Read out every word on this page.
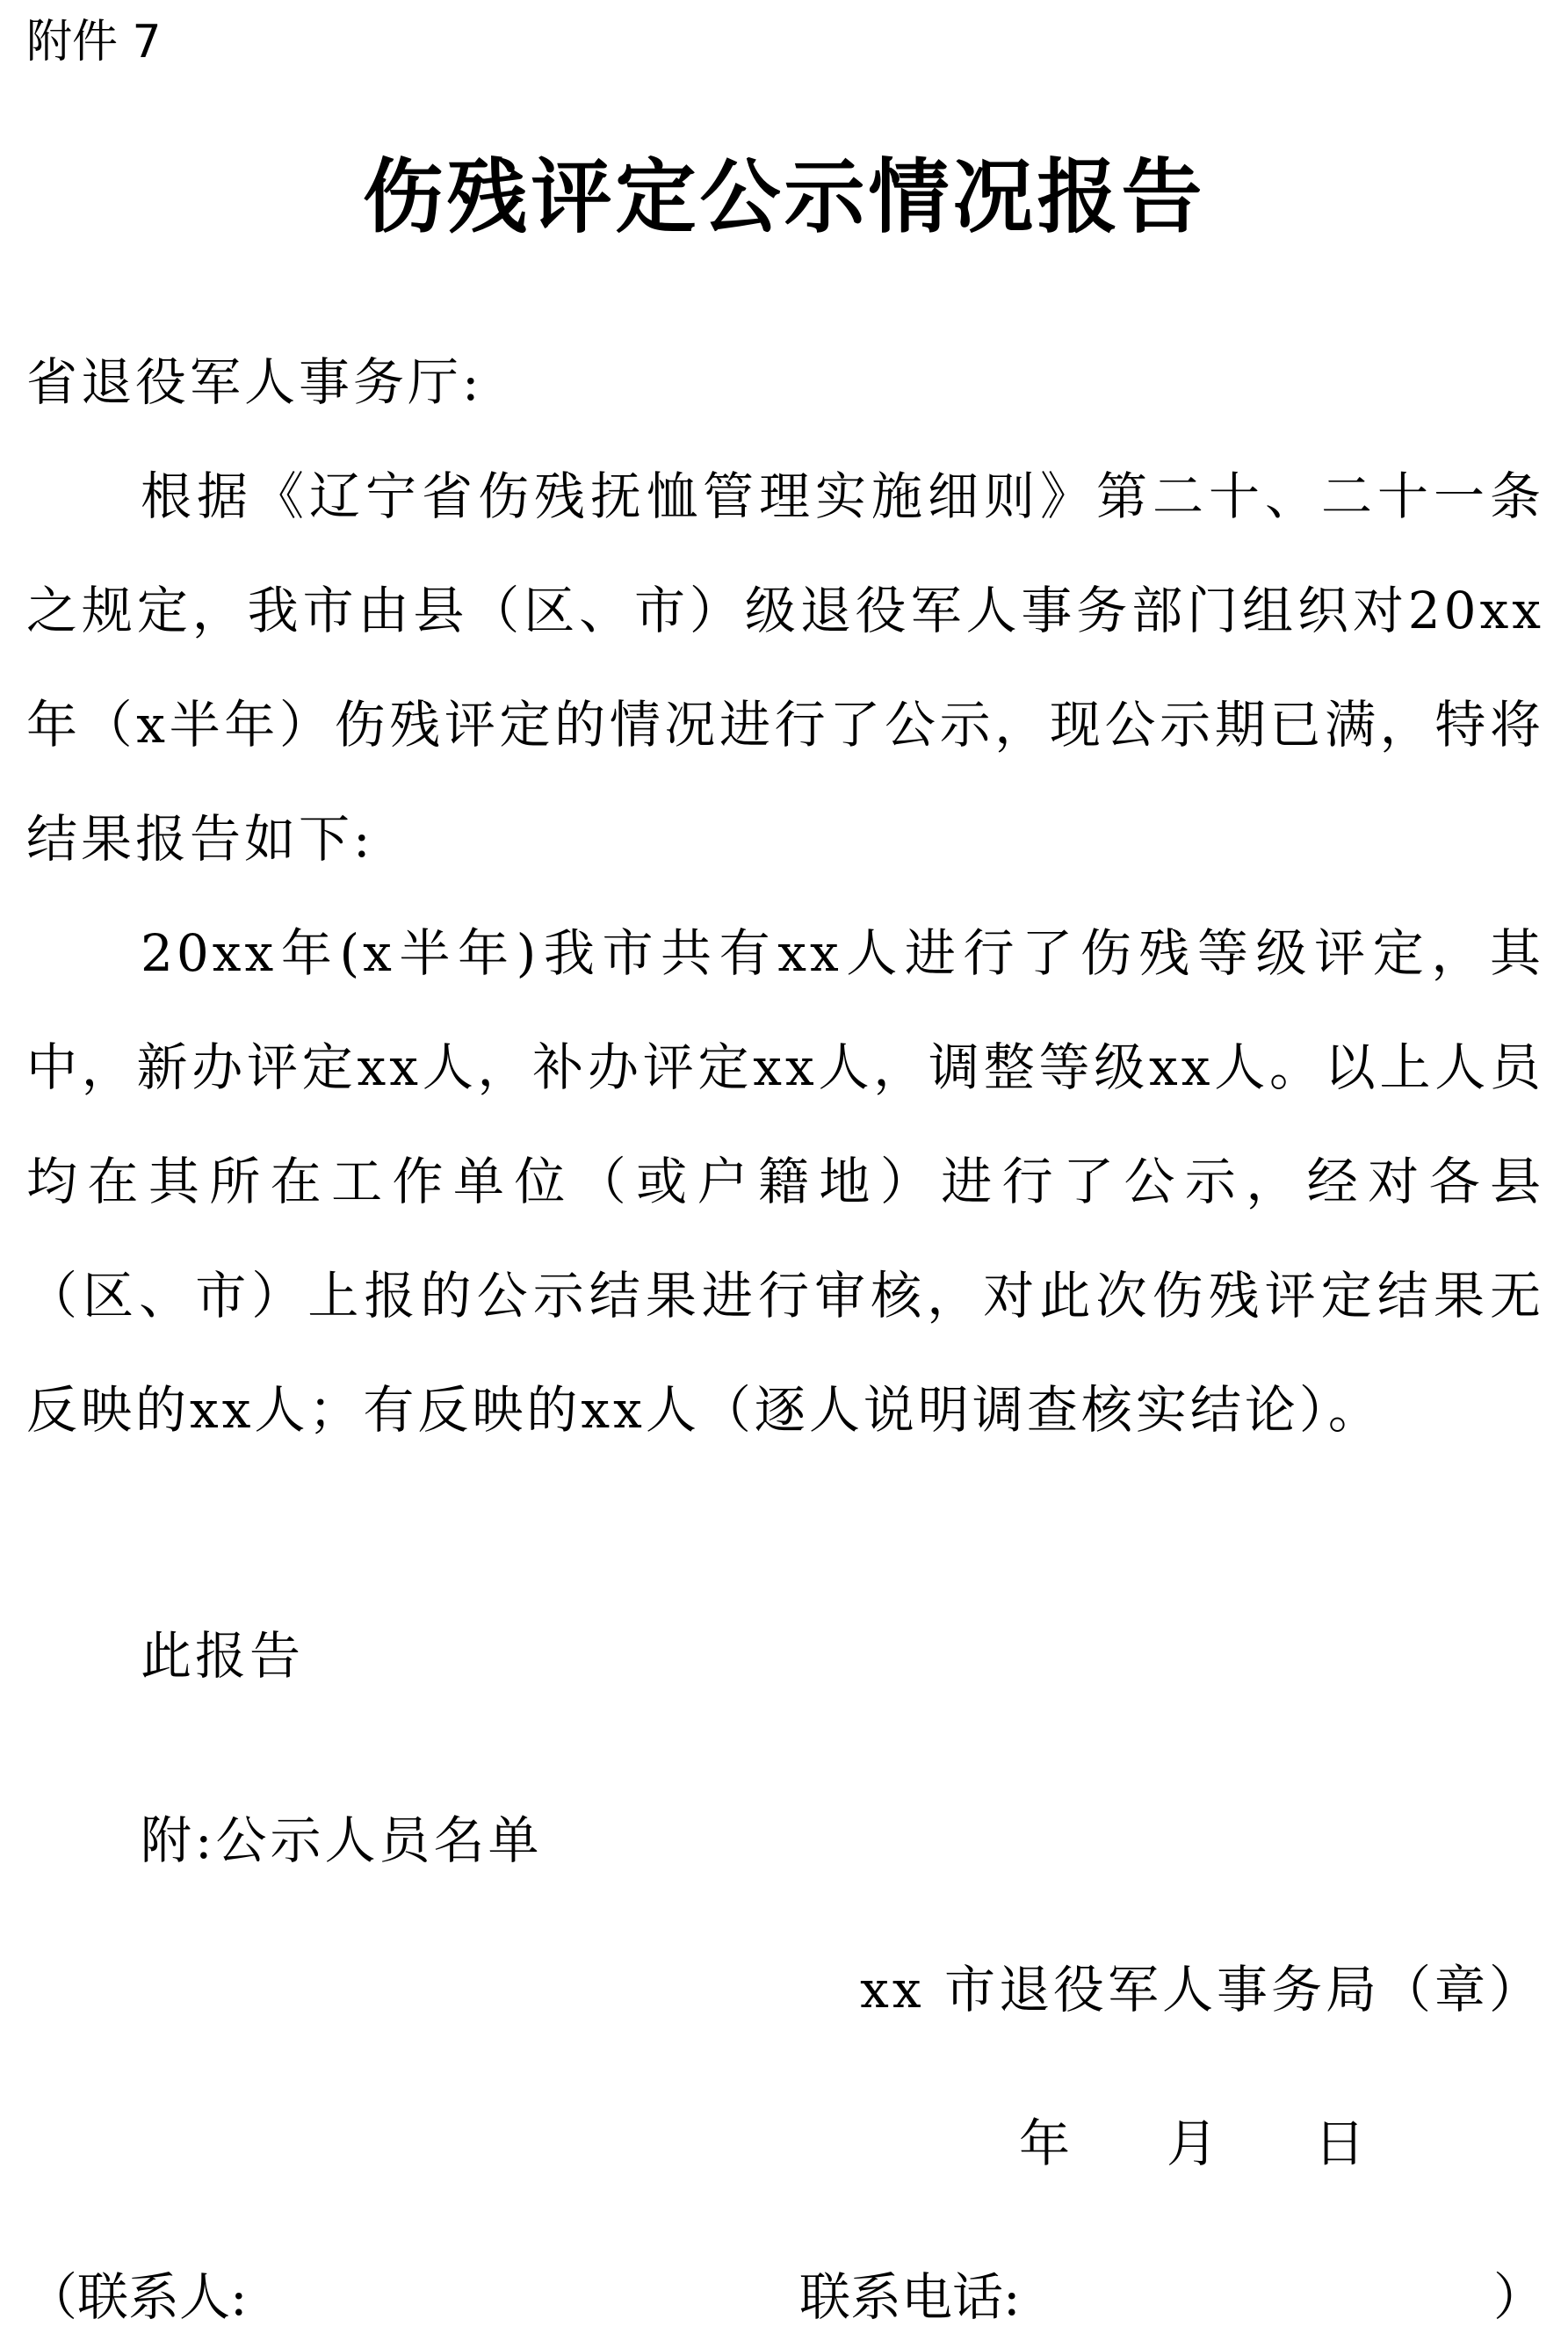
附件 7
伤残评定公示情况报告
省退役军人事务厅:
根据《辽宁省伤残抚恤管理实施细则》第二十、二十一条之规定，我市由县（区、市）级退役军人事务部门组织对20xx年（x半年）伤残评定的情况进行了公示，现公示期已满，特将结果报告如下:
20xx年(x半年)我市共有xx人进行了伤残等级评定，其中，新办评定xx人，补办评定xx人，调整等级xx人。以上人员均在其所在工作单位（或户籍地）进行了公示，经对各县（区、市）上报的公示结果进行审核，对此次伤残评定结果无反映的xx人；有反映的xx人（逐人说明调查核实结论）。
此报告
附:公示人员名单
xx 市退役军人事务局（章）
年 月 日
（联系人:	联系电话:	）
